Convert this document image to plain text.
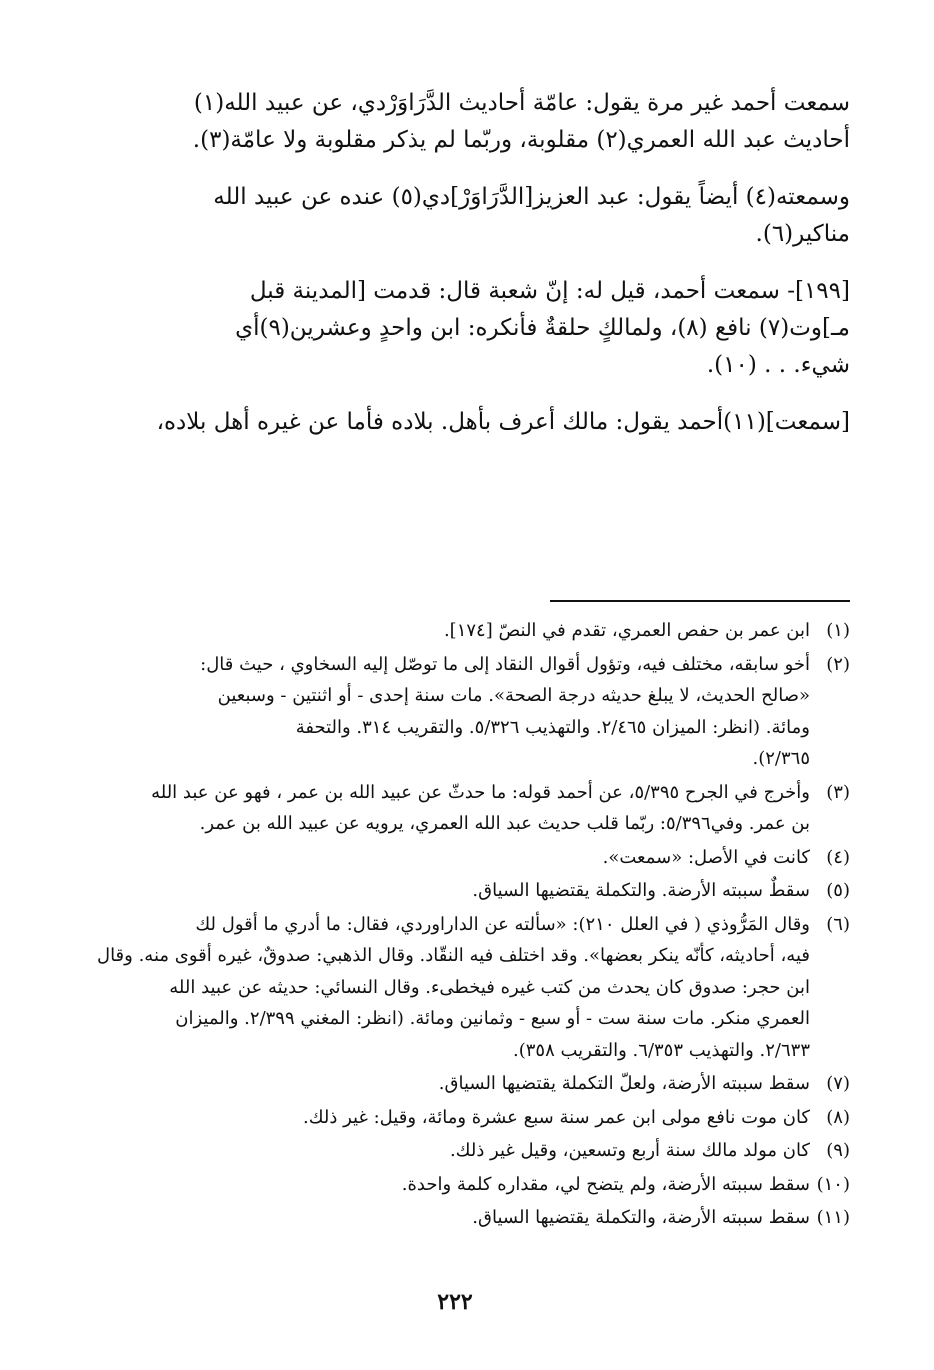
سمعت أحمد غير مرة يقول: عامّة أحاديث الدَّرَاوَرْدي، عن عبيد الله(١)

أحاديث عبد الله العمري(٢) مقلوبة، وربّما لم يذكر مقلوبة ولا عامّة(٣).

وسمعته(٤) أيضاً يقول: عبد العزيز[الدَّرَاوَرْ]دي(٥) عنده عن عبيد الله

مناكير(٦).

[١٩٩]- سمعت أحمد، قيل له: إنّ شعبة قال: قدمت [المدينة قبل

مـ]وت(٧) نافع (٨)، ولمالكٍ حلقةٌ فأنكره: ابن واحدٍ وعشرين(٩)أي

شيء. . . (١٠).

[سمعت](١١)أحمد يقول: مالك أعرف بأهل. بلاده فأما عن غيره أهل بلاده،

(١)

ابن عمر بن حفص العمري، تقدم في النصّ [١٧٤].

(٢)

أخو سابقه، مختلف فيه، وتؤول أقوال النقاد إلى ما توصّل إليه السخاوي ، حيث قال:

«صالح الحديث، لا يبلغ حديثه درجة الصحة». مات سنة إحدى - أو اثنتين - وسبعين

ومائة. (انظر: الميزان ٢/٤٦٥. والتهذيب ٥/٣٢٦. والتقريب ٣١٤. والتحفة

٢/٣٦٥).

(٣)

وأخرج في الجرح ٥/٣٩٥، عن أحمد قوله: ما حدثّ عن عبيد الله بن عمر ، فهو عن عبد الله

بن عمر. وفي٥/٣٩٦: ربّما قلب حديث عبد الله العمري، يرويه عن عبيد الله بن عمر.

(٤)

كانت في الأصل: «سمعت».

(٥)

سقطٌ سببته الأرضة. والتكملة يقتضيها السياق.

(٦)

وقال المَرُّوذي ( في العلل ٢١٠): «سألته عن الداراوردي، فقال: ما أدري ما أقول لك

فيه، أحاديثه، كأنّه ينكر بعضها». وقد اختلف فيه النقّاد. وقال الذهبي: صدوقٌ، غيره أقوى منه. وقال

ابن حجر: صدوق كان يحدث من كتب غيره فيخطىء. وقال النسائي: حديثه عن عبيد الله

العمري منكر. مات سنة ست - أو سبع - وثمانين ومائة. (انظر: المغني ٢/٣٩٩. والميزان

٢/٦٣٣. والتهذيب ٦/٣٥٣. والتقريب ٣٥٨).

(٧)

سقط سببته الأرضة، ولعلّ التكملة يقتضيها السياق.

(٨)

كان موت نافع مولى ابن عمر سنة سبع عشرة ومائة، وقيل: غير ذلك.

(٩)

كان مولد مالك سنة أربع وتسعين، وقيل غير ذلك.

(١٠)

سقط سببته الأرضة، ولم يتضح لي، مقداره كلمة واحدة.

(١١)

سقط سببته الأرضة، والتكملة يقتضيها السياق.

٢٢٢
